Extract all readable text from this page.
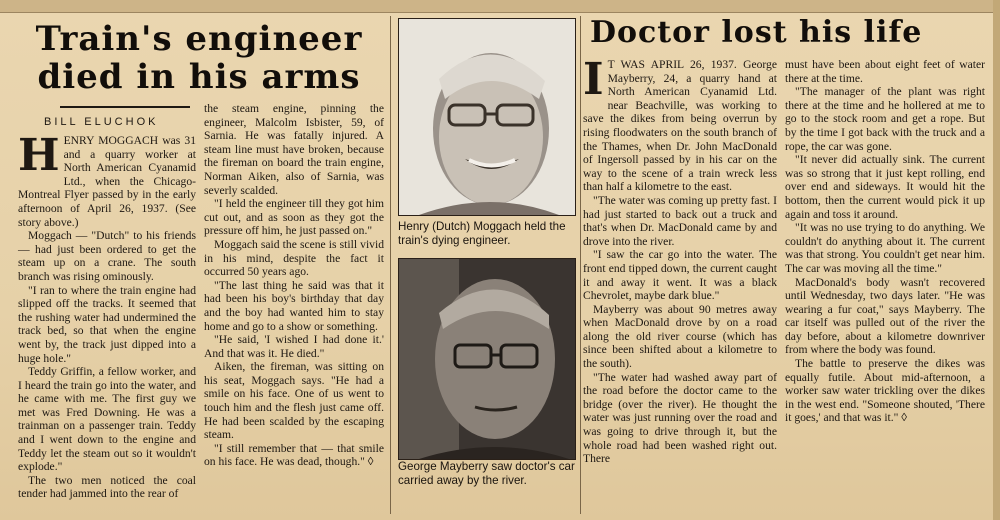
Train's engineer died in his arms
BILL ELUCHOK
H ENRY MOGGACH was 31 and a quarry worker at North American Cyanamid Ltd., when the Chicago-Montreal Flyer passed by in the early afternoon of April 26, 1937. (See story above.)

Moggach — "Dutch" to his friends — had just been ordered to get the steam up on a crane. The south branch was rising ominously.

"I ran to where the train engine had slipped off the tracks. It seemed that the rushing water had undermined the track bed, so that when the engine went by, the track just dipped into a huge hole."

Teddy Griffin, a fellow worker, and I heard the train go into the water, and he came with me. The first guy we met was Fred Downing. He was a trainman on a passenger train. Teddy and I went down to the engine and Teddy let the steam out so it wouldn't explode."

The two men noticed the coal tender had jammed into the rear of

the steam engine, pinning the engineer, Malcolm Isbister, 59, of Sarnia. He was fatally injured. A steam line must have broken, because the fireman on board the train engine, Norman Aiken, also of Sarnia, was severly scalded.

"I held the engineer till they got him cut out, and as soon as they got the pressure off him, he just passed on."

Moggach said the scene is still vivid in his mind, despite the fact it occurred 50 years ago.

"The last thing he said was that it had been his boy's birthday that day and the boy had wanted him to stay home and go to a show or something.

"He said, 'I wished I had done it.' And that was it. He died."

Aiken, the fireman, was sitting on his seat, Moggach says. "He had a smile on his face. One of us went to touch him and the flesh just came off. He had been scalded by the escaping steam.

"I still remember that — that smile on his face. He was dead, though." ◊

Henry (Dutch) Moggach held the train's dying engineer.
George Mayberry saw doctor's car carried away by the river.
Doctor lost his life
I T WAS APRIL 26, 1937. George Mayberry, 24, a quarry hand at North American Cyanamid Ltd. near Beachville, was working to save the dikes from being overrun by rising floodwaters on the south branch of the Thames, when Dr. John MacDonald of Ingersoll passed by in his car on the way to the scene of a train wreck less than half a kilometre to the east.

"The water was coming up pretty fast. I had just started to back out a truck and that's when Dr. MacDonald came by and drove into the river.

"I saw the car go into the water. The front end tipped down, the current caught it and away it went. It was a black Chevrolet, maybe dark blue."

Mayberry was about 90 metres away when MacDonald drove by on a road along the old river course (which has since been shifted about a kilometre to the south).

"The water had washed away part of the road before the doctor came to the bridge (over the river). He thought the water was just running over the road and was going to drive through it, but the whole road had been washed right out. There

must have been about eight feet of water there at the time.

"The manager of the plant was right there at the time and he hollered at me to go to the stock room and get a rope. But by the time I got back with the truck and a rope, the car was gone.

"It never did actually sink. The current was so strong that it just kept rolling, end over end and sideways. It would hit the bottom, then the current would pick it up again and toss it around.

"It was no use trying to do anything. We couldn't do anything about it. The current was that strong. You couldn't get near him. The car was moving all the time."

MacDonald's body wasn't recovered until Wednesday, two days later. "He was wearing a fur coat," says Mayberry. The car itself was pulled out of the river the day before, about a kilometre downriver from where the body was found.

The battle to preserve the dikes was equally futile. About mid-afternoon, a worker saw water trickling over the dikes in the west end. "Someone shouted, 'There it goes,' and that was it." ◊
